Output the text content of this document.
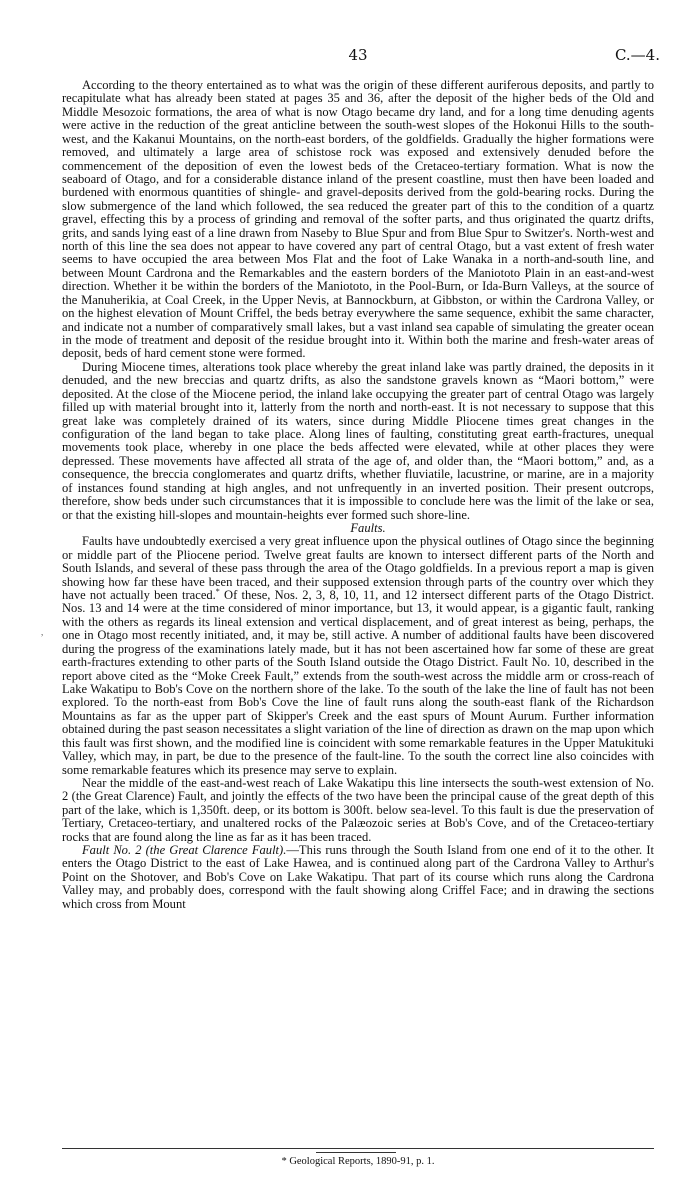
43	C.—4.

According to the theory entertained as to what was the origin of these different auriferous deposits, and partly to recapitulate what has already been stated at pages 35 and 36, after the deposit of the higher beds of the Old and Middle Mesozoic formations, the area of what is now Otago became dry land, and for a long time denuding agents were active in the reduction of the great anticline between the south-west slopes of the Hokonui Hills to the south-west, and the Kakanui Mountains, on the north-east borders, of the goldfields. Gradually the higher formations were removed, and ultimately a large area of schistose rock was exposed and extensively denuded before the commencement of the deposition of even the lowest beds of the Cretaceo-tertiary formation. What is now the seaboard of Otago, and for a considerable distance inland of the present coastline, must then have been loaded and burdened with enormous quantities of shingle- and gravel-deposits derived from the gold-bearing rocks. During the slow submergence of the land which followed, the sea reduced the greater part of this to the condition of a quartz gravel, effecting this by a process of grinding and removal of the softer parts, and thus originated the quartz drifts, grits, and sands lying east of a line drawn from Naseby to Blue Spur and from Blue Spur to Switzer's. North-west and north of this line the sea does not appear to have covered any part of central Otago, but a vast extent of fresh water seems to have occupied the area between Mos Flat and the foot of Lake Wanaka in a north-and-south line, and between Mount Cardrona and the Remarkables and the eastern borders of the Maniototo Plain in an east-and-west direction. Whether it be within the borders of the Maniototo, in the Pool-Burn, or Ida-Burn Valleys, at the source of the Manuherikia, at Coal Creek, in the Upper Nevis, at Bannockburn, at Gibbston, or within the Cardrona Valley, or on the highest elevation of Mount Criffel, the beds betray everywhere the same sequence, exhibit the same character, and indicate not a number of comparatively small lakes, but a vast inland sea capable of simulating the greater ocean in the mode of treatment and deposit of the residue brought into it. Within both the marine and fresh-water areas of deposit, beds of hard cement stone were formed.

During Miocene times, alterations took place whereby the great inland lake was partly drained, the deposits in it denuded, and the new breccias and quartz drifts, as also the sandstone gravels known as “Maori bottom,” were deposited. At the close of the Miocene period, the inland lake occupying the greater part of central Otago was largely filled up with material brought into it, latterly from the north and north-east. It is not necessary to suppose that this great lake was completely drained of its waters, since during Middle Pliocene times great changes in the configuration of the land began to take place. Along lines of faulting, constituting great earth-fractures, unequal movements took place, whereby in one place the beds affected were elevated, while at other places they were depressed. These movements have affected all strata of the age of, and older than, the “Maori bottom,” and, as a consequence, the breccia conglomerates and quartz drifts, whether fluviatile, lacustrine, or marine, are in a majority of instances found standing at high angles, and not unfrequently in an inverted position. Their present outcrops, therefore, show beds under such circumstances that it is impossible to conclude here was the limit of the lake or sea, or that the existing hill-slopes and mountain-heights ever formed such shore-line.

Faults.

Faults have undoubtedly exercised a very great influence upon the physical outlines of Otago since the beginning or middle part of the Pliocene period. Twelve great faults are known to intersect different parts of the North and South Islands, and several of these pass through the area of the Otago goldfields. In a previous report a map is given showing how far these have been traced, and their supposed extension through parts of the country over which they have not actually been traced.* Of these, Nos. 2, 3, 8, 10, 11, and 12 intersect different parts of the Otago District. Nos. 13 and 14 were at the time considered of minor importance, but 13, it would appear, is a gigantic fault, ranking with the others as regards its lineal extension and vertical displacement, and of great interest as being, perhaps, the one in Otago most recently initiated, and, it may be, still active. A number of additional faults have been discovered during the progress of the examinations lately made, but it has not been ascertained how far some of these are great earth-fractures extending to other parts of the South Island outside the Otago District. Fault No. 10, described in the report above cited as the “Moke Creek Fault,” extends from the south-west across the middle arm or cross-reach of Lake Wakatipu to Bob's Cove on the northern shore of the lake. To the south of the lake the line of fault has not been explored. To the north-east from Bob's Cove the line of fault runs along the south-east flank of the Richardson Mountains as far as the upper part of Skipper's Creek and the east spurs of Mount Aurum. Further information obtained during the past season necessitates a slight variation of the line of direction as drawn on the map upon which this fault was first shown, and the modified line is coincident with some remarkable features in the Upper Matukituki Valley, which may, in part, be due to the presence of the fault-line. To the south the correct line also coincides with some remarkable features which its presence may serve to explain.

Near the middle of the east-and-west reach of Lake Wakatipu this line intersects the south-west extension of No. 2 (the Great Clarence) Fault, and jointly the effects of the two have been the principal cause of the great depth of this part of the lake, which is 1,350ft. deep, or its bottom is 300ft. below sea-level. To this fault is due the preservation of Tertiary, Cretaceo-tertiary, and unaltered rocks of the Palæozoic series at Bob's Cove, and of the Cretaceo-tertiary rocks that are found along the line as far as it has been traced.

Fault No. 2 (the Great Clarence Fault).—This runs through the South Island from one end of it to the other. It enters the Otago District to the east of Lake Hawea, and is continued along part of the Cardrona Valley to Arthur's Point on the Shotover, and Bob's Cove on Lake Wakatipu. That part of its course which runs along the Cardrona Valley may, and probably does, correspond with the fault showing along Criffel Face; and in drawing the sections which cross from Mount

,
* Geological Reports, 1890-91, p. 1.
